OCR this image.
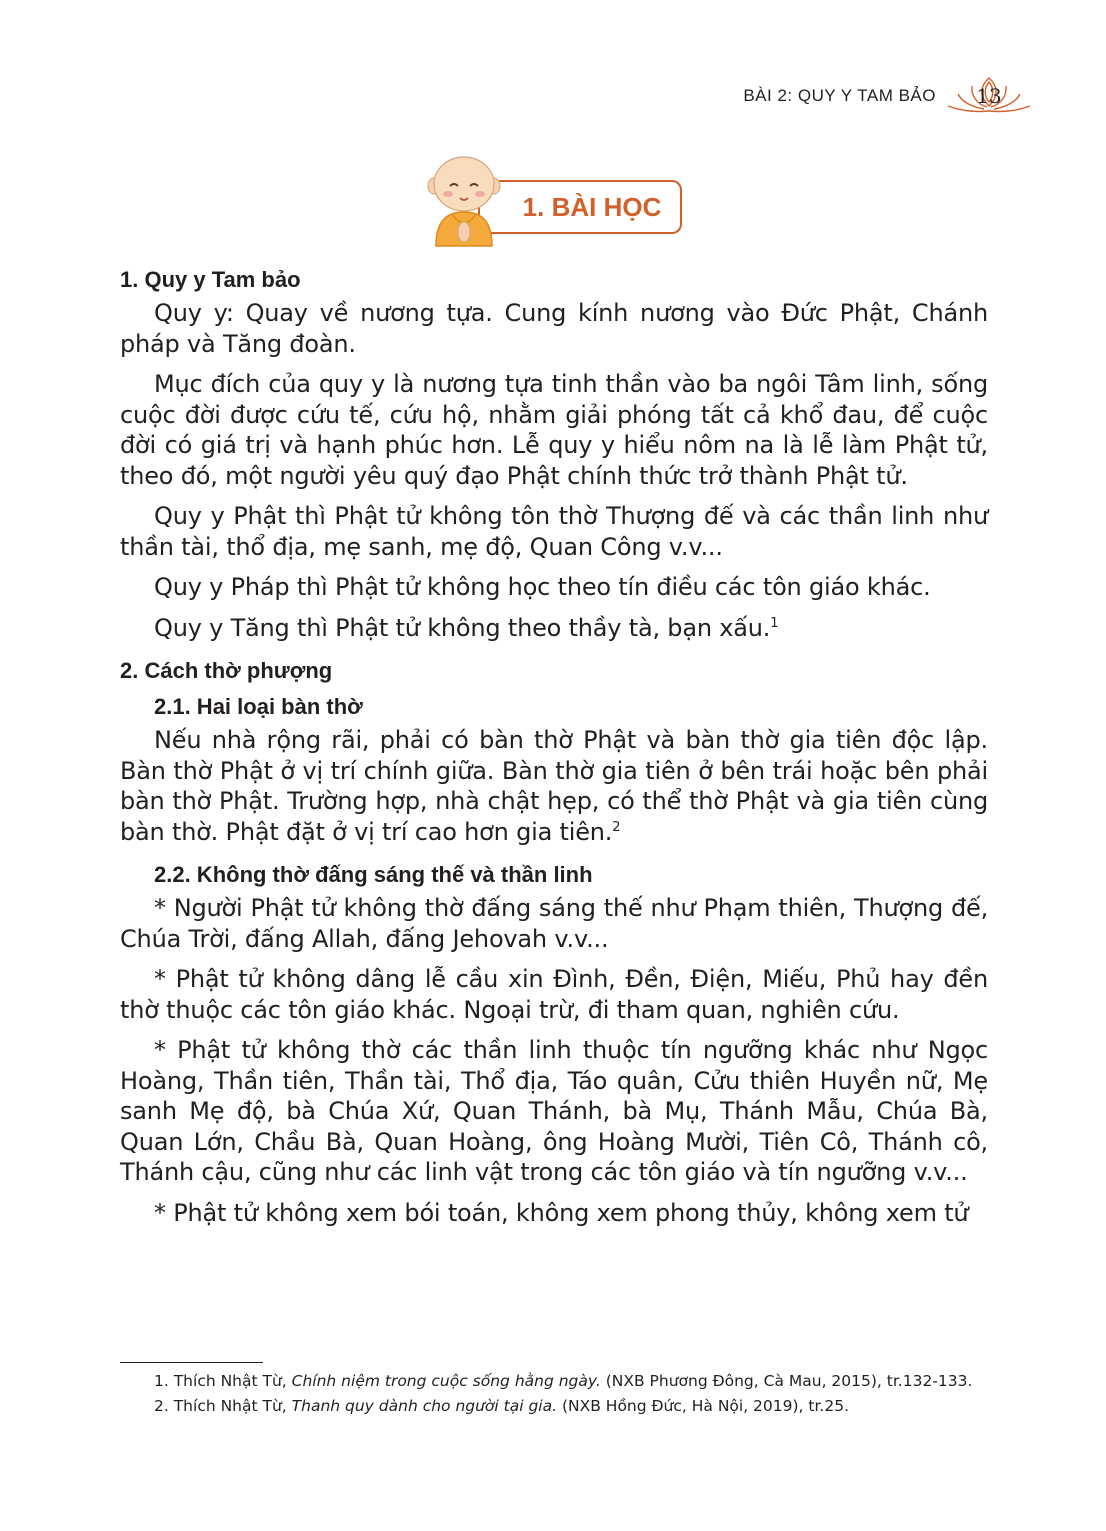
BÀI 2: QUY Y TAM BẢO	13
1. BÀI HỌC
1. Quy y Tam bảo

Quy y: Quay về nương tựa. Cung kính nương vào Đức Phật, Chánh pháp và Tăng đoàn.

Mục đích của quy y là nương tựa tinh thần vào ba ngôi Tâm linh, sống cuộc đời được cứu tế, cứu hộ, nhằm giải phóng tất cả khổ đau, để cuộc đời có giá trị và hạnh phúc hơn. Lễ quy y hiểu nôm na là lễ làm Phật tử, theo đó, một người yêu quý đạo Phật chính thức trở thành Phật tử.

Quy y Phật thì Phật tử không tôn thờ Thượng đế và các thần linh như thần tài, thổ địa, mẹ sanh, mẹ độ, Quan Công v.v...

Quy y Pháp thì Phật tử không học theo tín điều các tôn giáo khác.

Quy y Tăng thì Phật tử không theo thầy tà, bạn xấu.$^1$

2. Cách thờ phượng
2.1. Hai loại bàn thờ

Nếu nhà rộng rãi, phải có bàn thờ Phật và bàn thờ gia tiên độc lập. Bàn thờ Phật ở vị trí chính giữa. Bàn thờ gia tiên ở bên trái hoặc bên phải bàn thờ Phật. Trường hợp, nhà chật hẹp, có thể thờ Phật và gia tiên cùng bàn thờ. Phật đặt ở vị trí cao hơn gia tiên.$^2$

2.2. Không thờ đấng sáng thế và thần linh

* Người Phật tử không thờ đấng sáng thế như Phạm thiên, Thượng đế, Chúa Trời, đấng Allah, đấng Jehovah v.v...

* Phật tử không dâng lễ cầu xin Đình, Đền, Điện, Miếu, Phủ hay đền thờ thuộc các tôn giáo khác. Ngoại trừ, đi tham quan, nghiên cứu.

* Phật tử không thờ các thần linh thuộc tín ngưỡng khác như Ngọc Hoàng, Thần tiên, Thần tài, Thổ địa, Táo quân, Cửu thiên Huyền nữ, Mẹ sanh Mẹ độ, bà Chúa Xứ, Quan Thánh, bà Mụ, Thánh Mẫu, Chúa Bà, Quan Lớn, Chầu Bà, Quan Hoàng, ông Hoàng Mười, Tiên Cô, Thánh cô, Thánh cậu, cũng như các linh vật trong các tôn giáo và tín ngưỡng v.v...

* Phật tử không xem bói toán, không xem phong thủy, không xem tử

1. Thích Nhật Từ, Chính niệm trong cuộc sống hằng ngày. (NXB Phương Đông, Cà Mau, 2015), tr.132-133.

2. Thích Nhật Từ, Thanh quy dành cho người tại gia. (NXB Hồng Đức, Hà Nội, 2019), tr.25.
